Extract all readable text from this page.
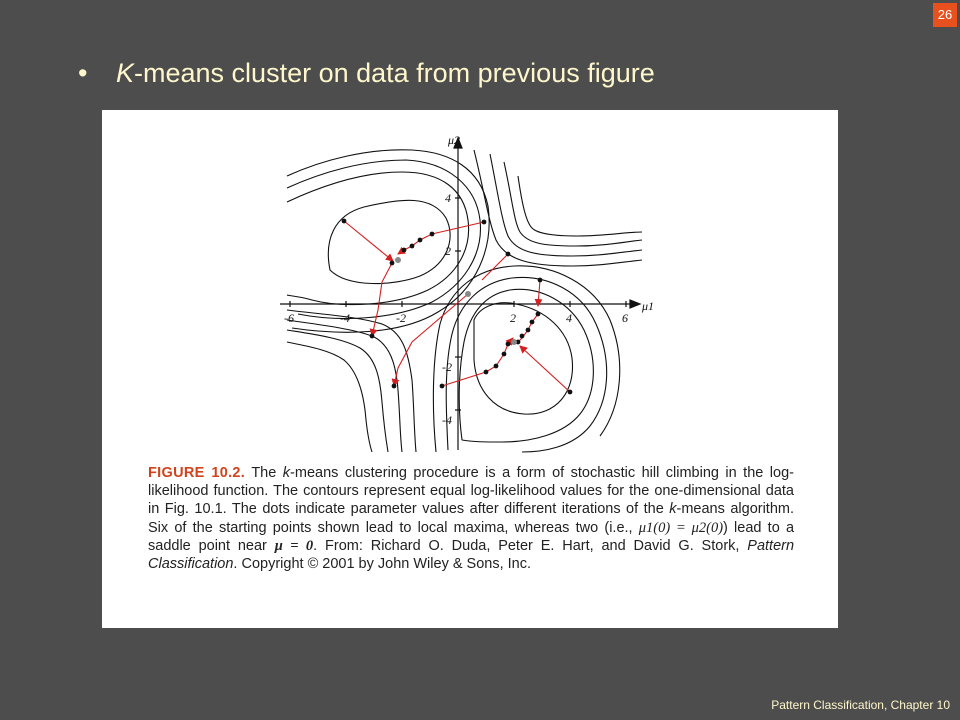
26
• K-means cluster on data from previous figure
μ1
μ2
-6	-4	-2	2	4	6
4
2
-2
-4
FIGURE 10.2. The k-means clustering procedure is a form of stochastic hill climbing in the log-likelihood function. The contours represent equal log-likelihood values for the one-dimensional data in Fig. 10.1. The dots indicate parameter values after different iterations of the k-means algorithm. Six of the starting points shown lead to local maxima, whereas two (i.e., μ1(0) = μ2(0)) lead to a saddle point near μ = 0. From: Richard O. Duda, Peter E. Hart, and David G. Stork, Pattern Classification. Copyright © 2001 by John Wiley & Sons, Inc.
Pattern Classification, Chapter 10
